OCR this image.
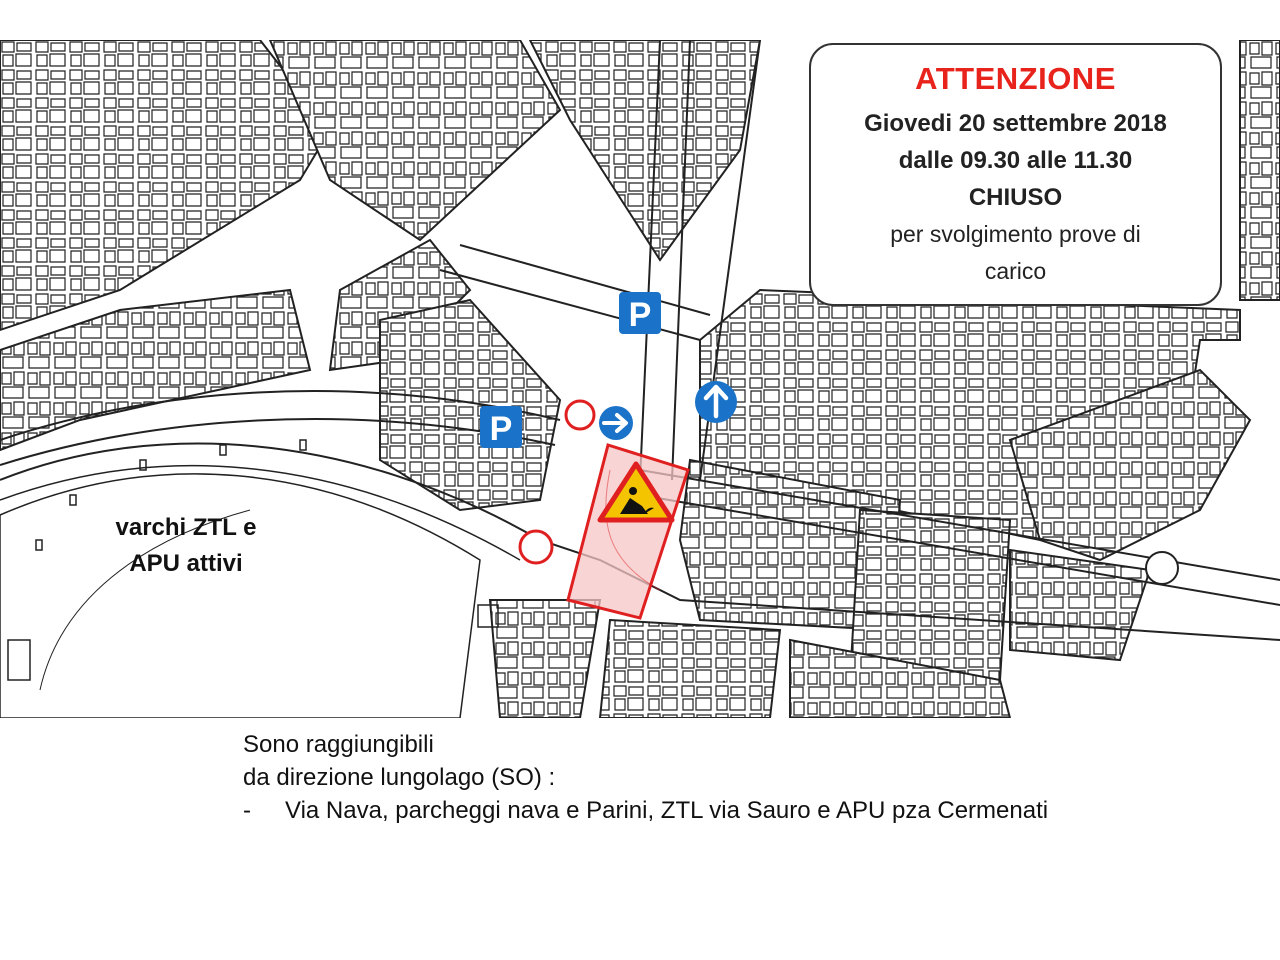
P
P
ATTENZIONE
Giovedi 20 settembre 2018
dalle 09.30 alle 11.30
CHIUSO
per svolgimento prove di
carico
varchi ZTL e
APU attivi
Sono raggiungibili
da direzione lungolago (SO) :
-	Via Nava, parcheggi nava e Parini, ZTL via Sauro e APU pza Cermenati
